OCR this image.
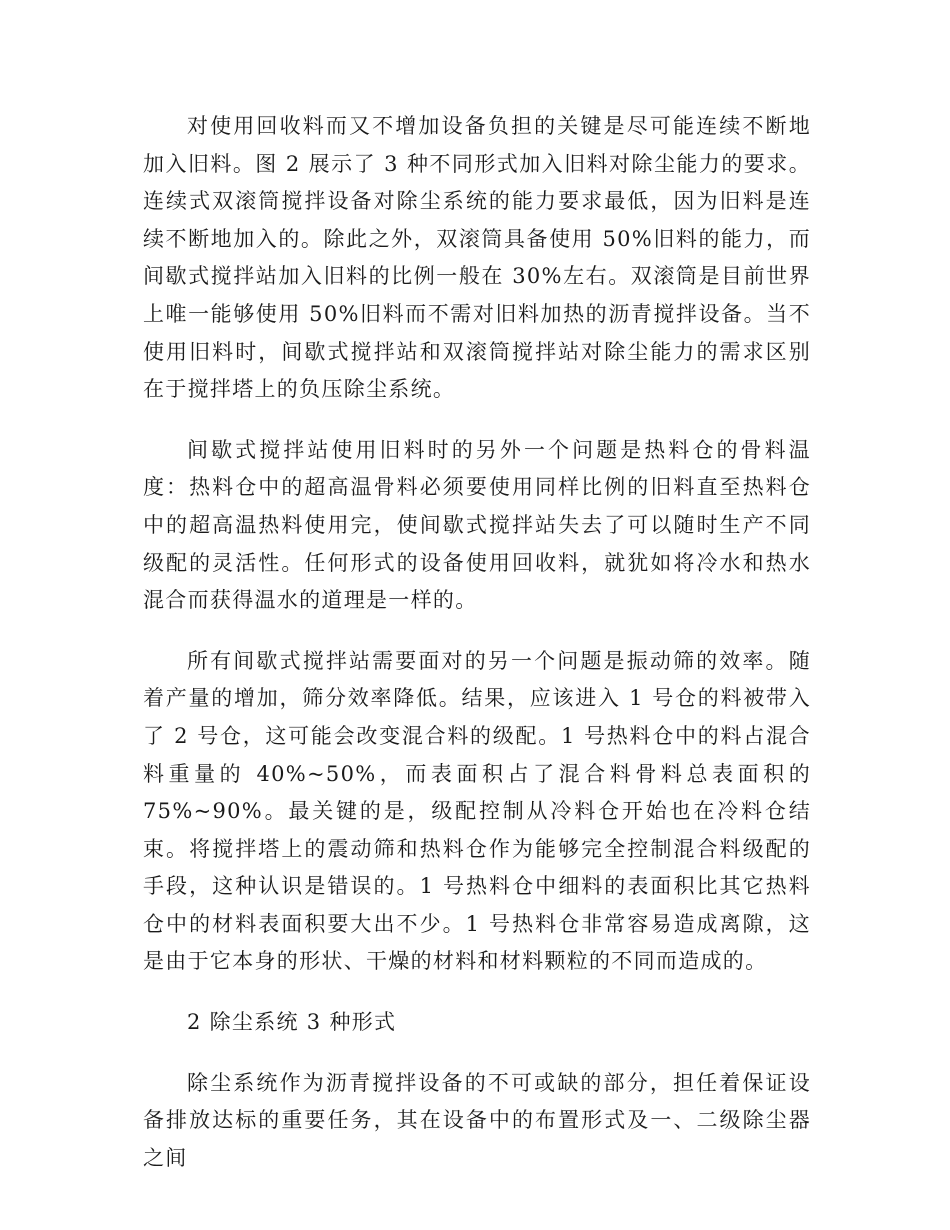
对使用回收料而又不增加设备负担的关键是尽可能连续不断地加入旧料。图 2 展示了 3 种不同形式加入旧料对除尘能力的要求。连续式双滚筒搅拌设备对除尘系统的能力要求最低，因为旧料是连续不断地加入的。除此之外，双滚筒具备使用 50%旧料的能力，而间歇式搅拌站加入旧料的比例一般在 30%左右。双滚筒是目前世界上唯一能够使用 50%旧料而不需对旧料加热的沥青搅拌设备。当不使用旧料时，间歇式搅拌站和双滚筒搅拌站对除尘能力的需求区别在于搅拌塔上的负压除尘系统。

间歇式搅拌站使用旧料时的另外一个问题是热料仓的骨料温度：热料仓中的超高温骨料必须要使用同样比例的旧料直至热料仓中的超高温热料使用完，使间歇式搅拌站失去了可以随时生产不同级配的灵活性。任何形式的设备使用回收料，就犹如将冷水和热水混合而获得温水的道理是一样的。

所有间歇式搅拌站需要面对的另一个问题是振动筛的效率。随着产量的增加，筛分效率降低。结果，应该进入 1 号仓的料被带入了 2 号仓，这可能会改变混合料的级配。1 号热料仓中的料占混合料重量的 40%~50%，而表面积占了混合料骨料总表面积的 75%~90%。最关键的是，级配控制从冷料仓开始也在冷料仓结束。将搅拌塔上的震动筛和热料仓作为能够完全控制混合料级配的手段，这种认识是错误的。1 号热料仓中细料的表面积比其它热料仓中的材料表面积要大出不少。1 号热料仓非常容易造成离隙，这是由于它本身的形状、干燥的材料和材料颗粒的不同而造成的。

2 除尘系统 3 种形式

除尘系统作为沥青搅拌设备的不可或缺的部分，担任着保证设备排放达标的重要任务，其在设备中的布置形式及一、二级除尘器之间
